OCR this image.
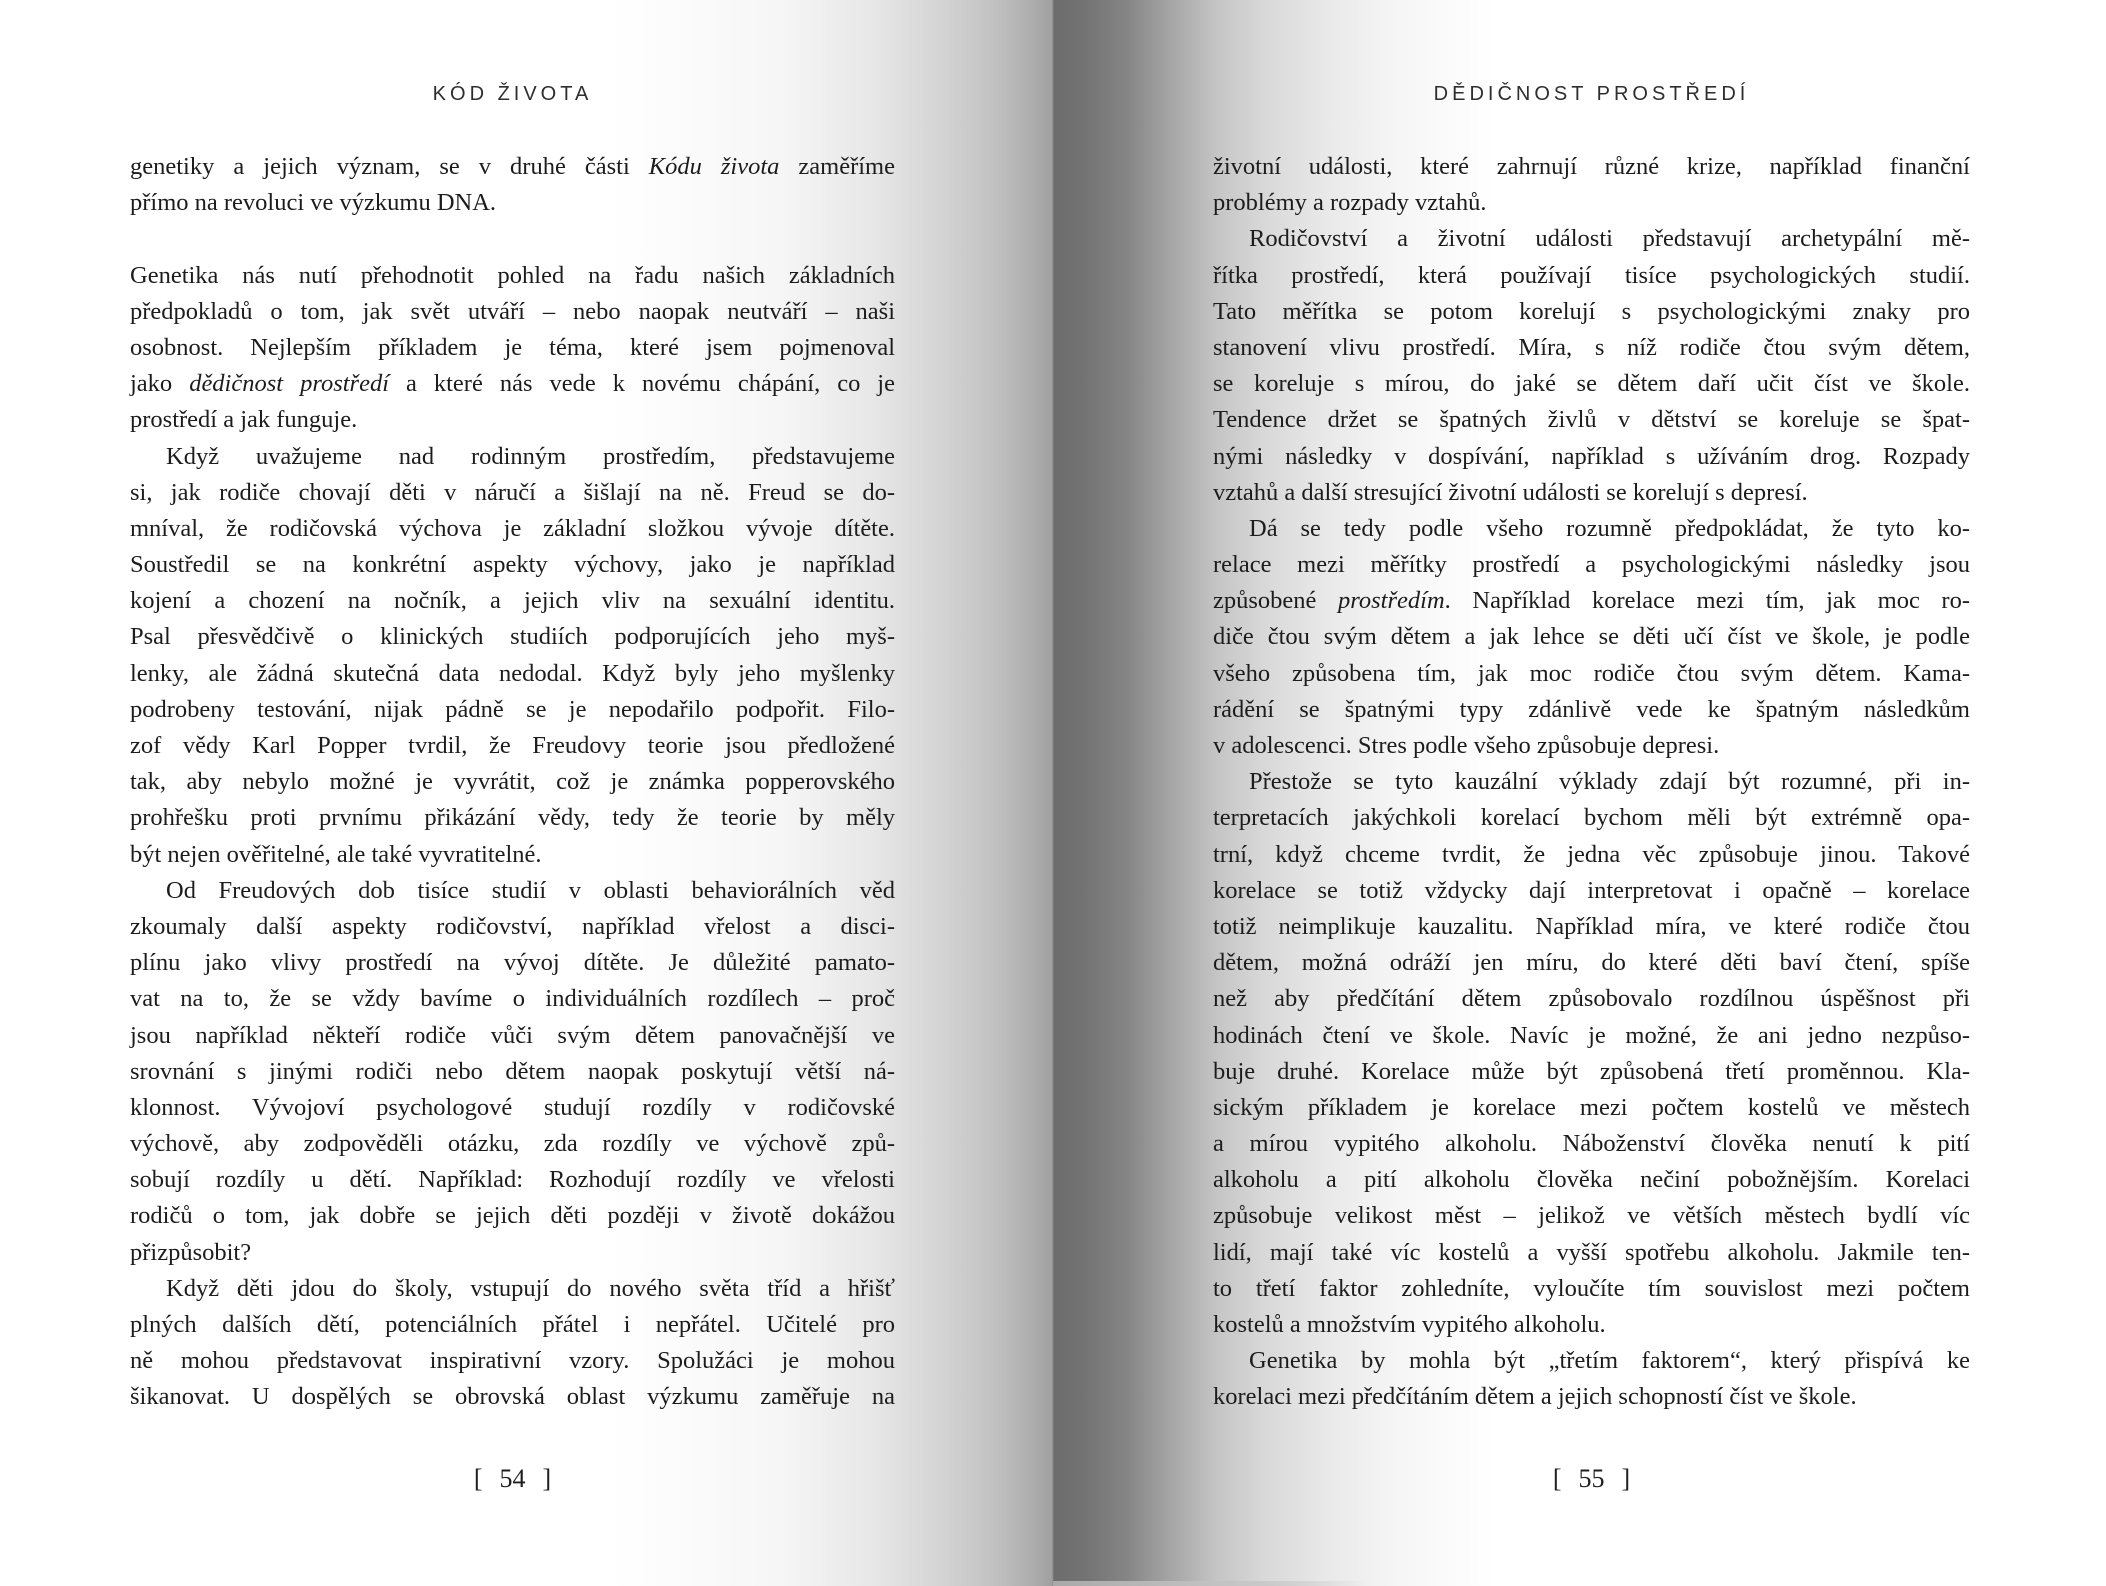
KÓD ŽIVOTA
genetiky a jejich význam, se v druhé části Kódu života zaměříme
přímo na revoluci ve výzkumu DNA.
Genetika nás nutí přehodnotit pohled na řadu našich základních
předpokladů o tom, jak svět utváří – nebo naopak neutváří – naši
osobnost. Nejlepším příkladem je téma, které jsem pojmenoval
jako dědičnost prostředí a které nás vede k novému chápání, co je
prostředí a jak funguje.
Když uvažujeme nad rodinným prostředím, představujeme
si, jak rodiče chovají děti v náručí a šišlají na ně. Freud se do-
mníval, že rodičovská výchova je základní složkou vývoje dítěte.
Soustředil se na konkrétní aspekty výchovy, jako je například
kojení a chození na nočník, a jejich vliv na sexuální identitu.
Psal přesvědčivě o klinických studiích podporujících jeho myš-
lenky, ale žádná skutečná data nedodal. Když byly jeho myšlenky
podrobeny testování, nijak pádně se je nepodařilo podpořit. Filo-
zof vědy Karl Popper tvrdil, že Freudovy teorie jsou předložené
tak, aby nebylo možné je vyvrátit, což je známka popperovského
prohřešku proti prvnímu přikázání vědy, tedy že teorie by měly
být nejen ověřitelné, ale také vyvratitelné.
Od Freudových dob tisíce studií v oblasti behaviorálních věd
zkoumaly další aspekty rodičovství, například vřelost a disci-
plínu jako vlivy prostředí na vývoj dítěte. Je důležité pamato-
vat na to, že se vždy bavíme o individuálních rozdílech – proč
jsou například někteří rodiče vůči svým dětem panovačnější ve
srovnání s jinými rodiči nebo dětem naopak poskytují větší ná-
klonnost. Vývojoví psychologové studují rozdíly v rodičovské
výchově, aby zodpověděli otázku, zda rozdíly ve výchově způ-
sobují rozdíly u dětí. Například: Rozhodují rozdíly ve vřelosti
rodičů o tom, jak dobře se jejich děti později v životě dokážou
přizpůsobit?
Když děti jdou do školy, vstupují do nového světa tříd a hřišť
plných dalších dětí, potenciálních přátel i nepřátel. Učitelé pro
ně mohou představovat inspirativní vzory. Spolužáci je mohou
šikanovat. U dospělých se obrovská oblast výzkumu zaměřuje na
[ 54 ]
DĚDIČNOST PROSTŘEDÍ
životní události, které zahrnují různé krize, například finanční
problémy a rozpady vztahů.
Rodičovství a životní události představují archetypální mě-
řítka prostředí, která používají tisíce psychologických studií.
Tato měřítka se potom korelují s psychologickými znaky pro
stanovení vlivu prostředí. Míra, s níž rodiče čtou svým dětem,
se koreluje s mírou, do jaké se dětem daří učit číst ve škole.
Tendence držet se špatných živlů v dětství se koreluje se špat-
nými následky v dospívání, například s užíváním drog. Rozpady
vztahů a další stresující životní události se korelují s depresí.
Dá se tedy podle všeho rozumně předpokládat, že tyto ko-
relace mezi měřítky prostředí a psychologickými následky jsou
způsobené prostředím. Například korelace mezi tím, jak moc ro-
diče čtou svým dětem a jak lehce se děti učí číst ve škole, je podle
všeho způsobena tím, jak moc rodiče čtou svým dětem. Kama-
rádění se špatnými typy zdánlivě vede ke špatným následkům
v adolescenci. Stres podle všeho způsobuje depresi.
Přestože se tyto kauzální výklady zdají být rozumné, při in-
terpretacích jakýchkoli korelací bychom měli být extrémně opa-
trní, když chceme tvrdit, že jedna věc způsobuje jinou. Takové
korelace se totiž vždycky dají interpretovat i opačně – korelace
totiž neimplikuje kauzalitu. Například míra, ve které rodiče čtou
dětem, možná odráží jen míru, do které děti baví čtení, spíše
než aby předčítání dětem způsobovalo rozdílnou úspěšnost při
hodinách čtení ve škole. Navíc je možné, že ani jedno nezpůso-
buje druhé. Korelace může být způsobená třetí proměnnou. Kla-
sickým příkladem je korelace mezi počtem kostelů ve městech
a mírou vypitého alkoholu. Náboženství člověka nenutí k pití
alkoholu a pití alkoholu člověka nečiní pobožnějším. Korelaci
způsobuje velikost měst – jelikož ve větších městech bydlí víc
lidí, mají také víc kostelů a vyšší spotřebu alkoholu. Jakmile ten-
to třetí faktor zohledníte, vyloučíte tím souvislost mezi počtem
kostelů a množstvím vypitého alkoholu.
Genetika by mohla být „třetím faktorem“, který přispívá ke
korelaci mezi předčítáním dětem a jejich schopností číst ve škole.
[ 55 ]
